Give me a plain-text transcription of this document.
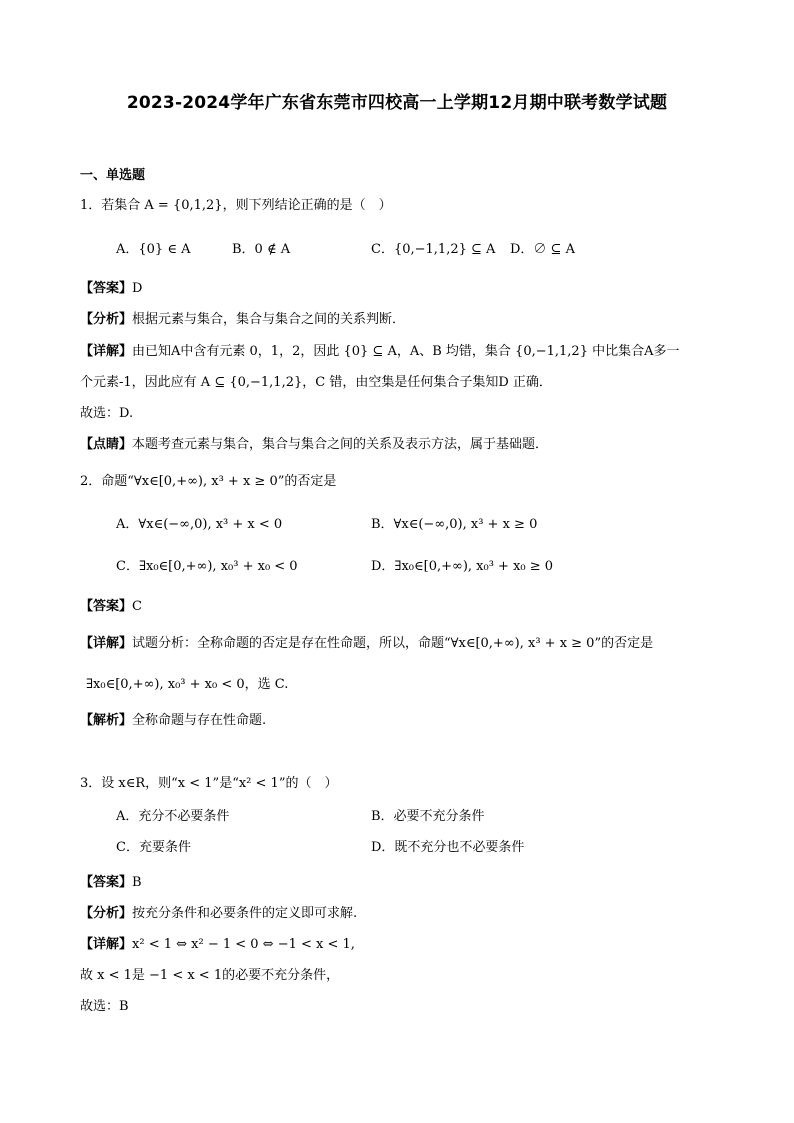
2023-2024学年广东省东莞市四校高一上学期12月期中联考数学试题
一、单选题
1．若集合 A = {0,1,2}，则下列结论正确的是（　）
A．{0} ∈ A	B．0 ∉ A	C．{0,−1,1,2} ⊆ A D．∅ ⊆ A
【答案】D
【分析】根据元素与集合，集合与集合之间的关系判断．
【详解】由已知A中含有元素 0，1，2，因此 {0} ⊆ A，A、B 均错，集合 {0,−1,1,2} 中比集合A多一
个元素-1，因此应有 A ⊆ {0,−1,1,2}，C 错，由空集是任何集合子集知D 正确．
故选：D.
【点睛】本题考查元素与集合，集合与集合之间的关系及表示方法，属于基础题．
2．命题“∀x∈[0,+∞), x³ + x ≥ 0”的否定是
A．∀x∈(−∞,0), x³ + x < 0	B．∀x∈(−∞,0), x³ + x ≥ 0
C．∃x₀∈[0,+∞), x₀³ + x₀ < 0	D．∃x₀∈[0,+∞), x₀³ + x₀ ≥ 0
【答案】C
【详解】试题分析：全称命题的否定是存在性命题，所以，命题“∀x∈[0,+∞), x³ + x ≥ 0”的否定是
∃x₀∈[0,+∞), x₀³ + x₀ < 0，选 C.
【解析】全称命题与存在性命题.
3．设 x∈R，则“x < 1”是“x² < 1”的（　）
A．充分不必要条件	B．必要不充分条件
C．充要条件	D．既不充分也不必要条件
【答案】B
【分析】按充分条件和必要条件的定义即可求解.
【详解】x² < 1 ⇔ x² − 1 < 0 ⇔ −1 < x < 1,
故 x < 1是 −1 < x < 1的必要不充分条件，
故选：B
